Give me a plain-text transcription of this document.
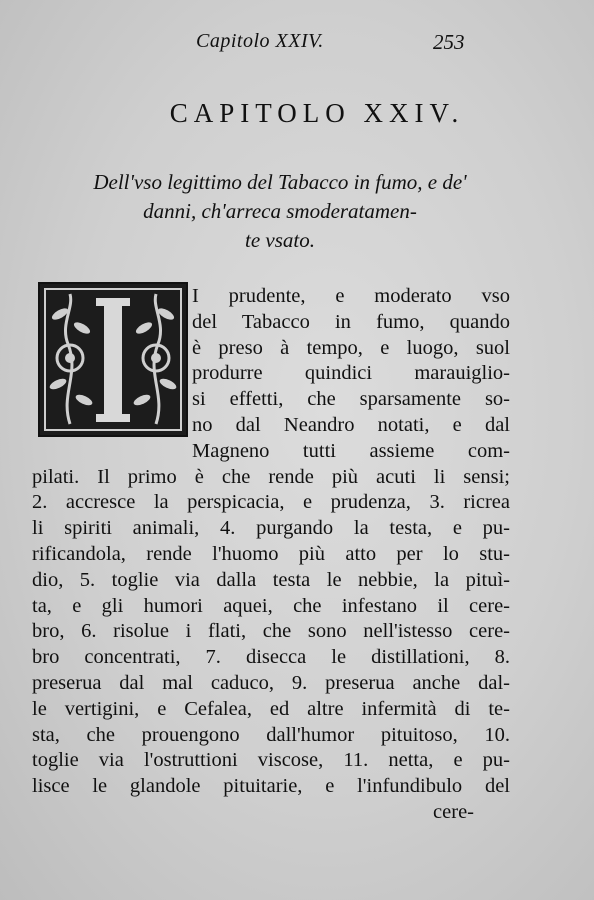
Capitolo XXIV.	253
CAPITOLO XXIV.
Dell'vso legittimo del Tabacco in fumo, e de'
danni, ch'arreca smoderatamen-
te vsato.
I prudente, e moderato vso
del Tabacco in fumo, quando
è preso à tempo, e luogo, suol
produrre quindici marauiglio-
si effetti, che sparsamente so-
no dal Neandro notati, e dal
Magneno tutti assieme com-
pilati. Il primo è che rende più acuti li sensi;
2. accresce la perspicacia, e prudenza, 3. ricrea
li spiriti animali, 4. purgando la testa, e pu-
rificandola, rende l'huomo più atto per lo stu-
dio, 5. toglie via dalla testa le nebbie, la pituì-
ta, e gli humori aquei, che infestano il cere-
bro, 6. risolue i flati, che sono nell'istesso cere-
bro concentrati, 7. disecca le distillationi, 8.
preserua dal mal caduco, 9. preserua anche dal-
le vertigini, e Cefalea, ed altre infermità di te-
sta, che prouengono dall'humor pituitoso, 10.
toglie via l'ostruttioni viscose, 11. netta, e pu-
lisce le glandole pituitarie, e l'infundibulo del
cere-
